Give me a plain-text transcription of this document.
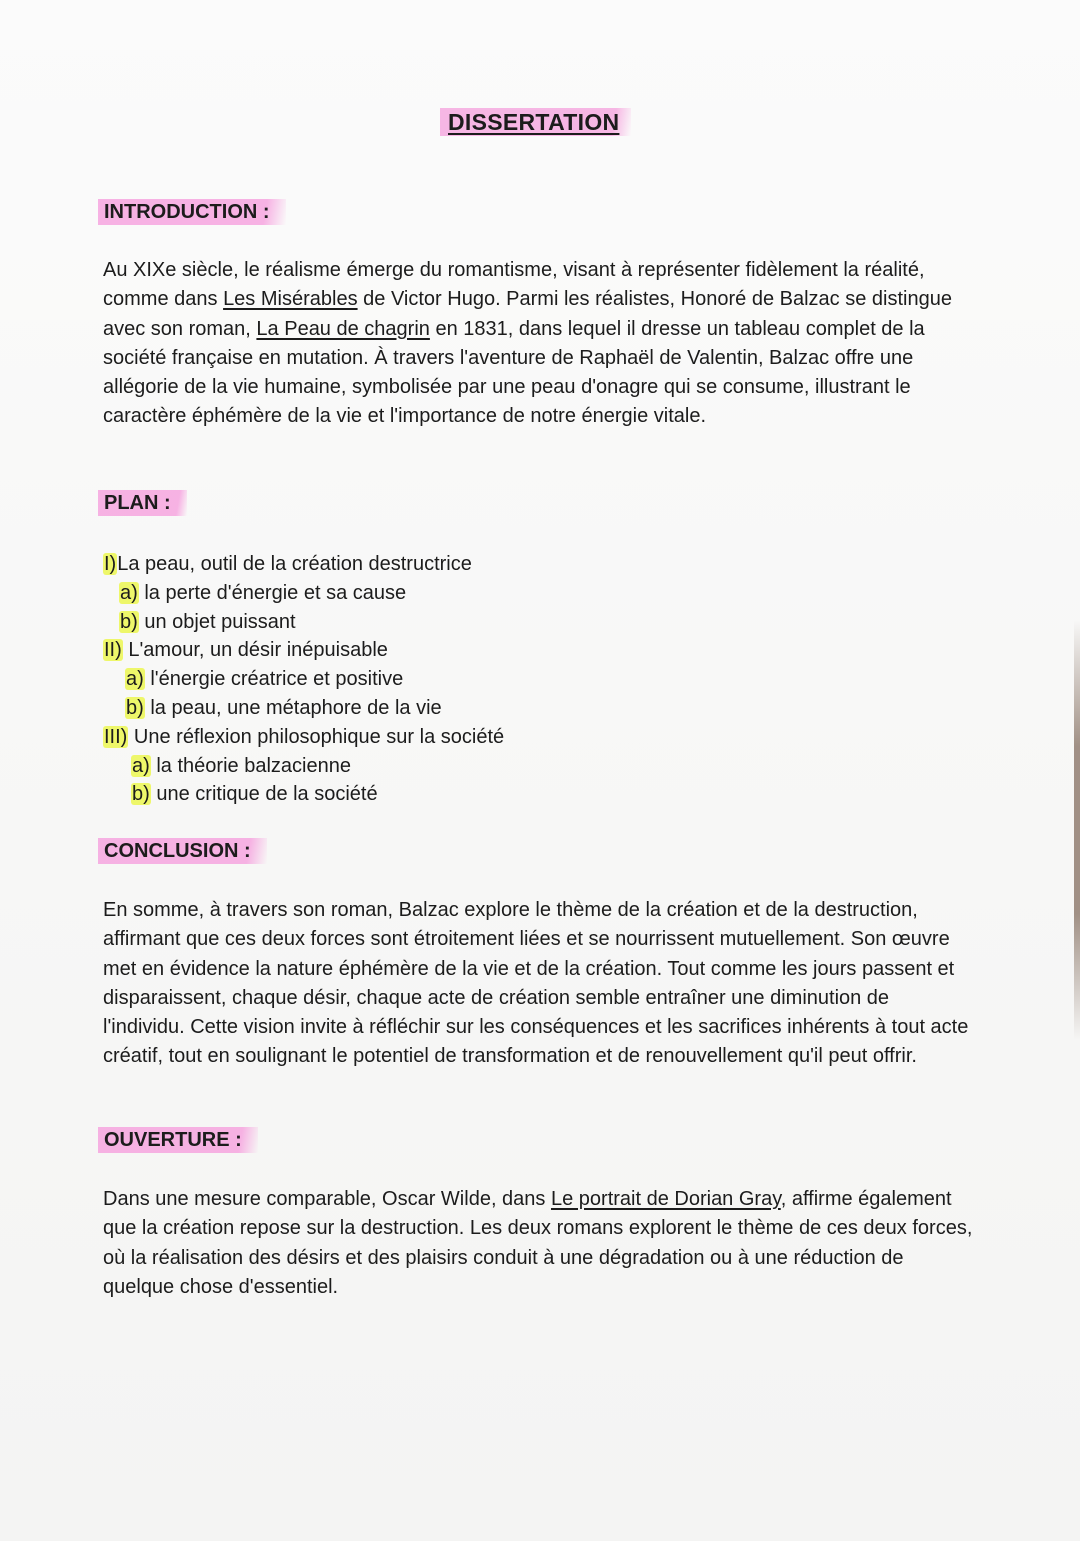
DISSERTATION
INTRODUCTION :

Au XIXe siècle, le réalisme émerge du romantisme, visant à représenter fidèlement la réalité, comme dans Les Misérables de Victor Hugo. Parmi les réalistes, Honoré de Balzac se distingue avec son roman, La Peau de chagrin en 1831, dans lequel il dresse un tableau complet de la société française en mutation. À travers l'aventure de Raphaël de Valentin, Balzac offre une allégorie de la vie humaine, symbolisée par une peau d'onagre qui se consume, illustrant le caractère éphémère de la vie et l'importance de notre énergie vitale.

PLAN :
I)La peau, outil de la création destructrice
a) la perte d'énergie et sa cause
b) un objet puissant
II) L'amour, un désir inépuisable
a) l'énergie créatrice et positive
b) la peau, une métaphore de la vie
III) Une réflexion philosophique sur la société
a) la théorie balzacienne
b) une critique de la société
CONCLUSION :

En somme, à travers son roman, Balzac explore le thème de la création et de la destruction, affirmant que ces deux forces sont étroitement liées et se nourrissent mutuellement. Son œuvre met en évidence la nature éphémère de la vie et de la création. Tout comme les jours passent et disparaissent, chaque désir, chaque acte de création semble entraîner une diminution de l'individu. Cette vision invite à réfléchir sur les conséquences et les sacrifices inhérents à tout acte créatif, tout en soulignant le potentiel de transformation et de renouvellement qu'il peut offrir.

OUVERTURE :

Dans une mesure comparable, Oscar Wilde, dans Le portrait de Dorian Gray, affirme également que la création repose sur la destruction. Les deux romans explorent le thème de ces deux forces, où la réalisation des désirs et des plaisirs conduit à une dégradation ou à une réduction de quelque chose d'essentiel.
